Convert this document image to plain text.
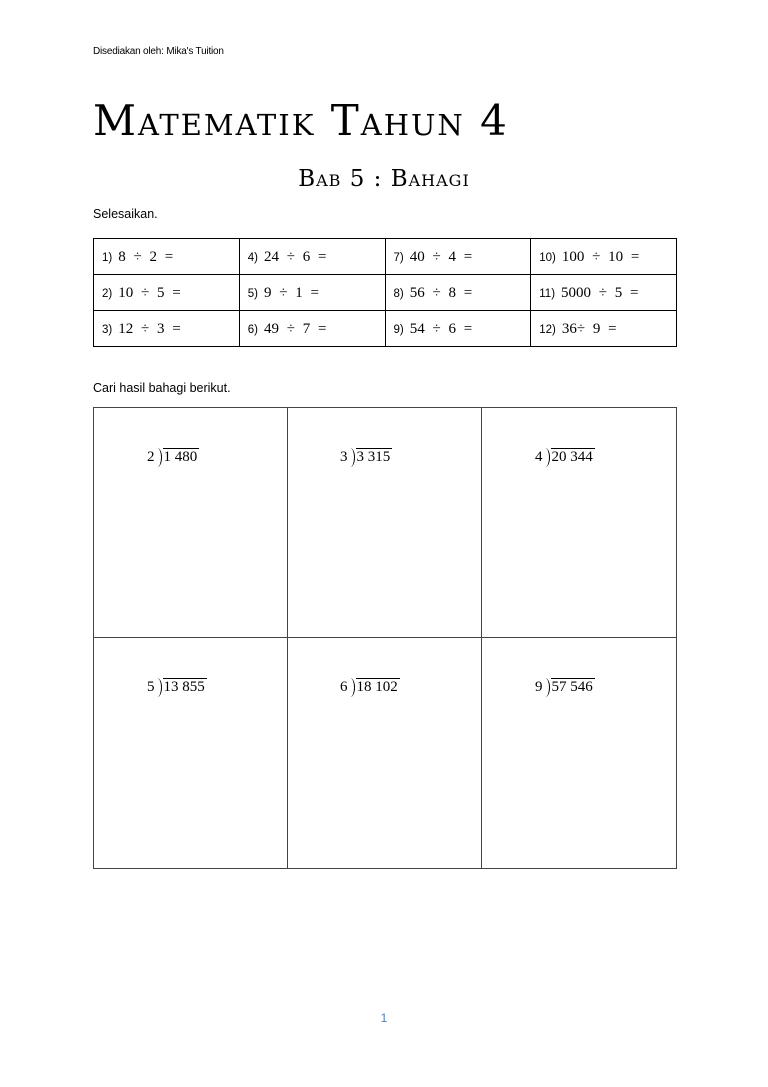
Disediakan oleh: Mika's Tuition
Matematik Tahun 4
Bab 5 : Bahagi
Selesaikan.
1) 8 ÷ 2 =	4) 24 ÷ 6 =	7) 40 ÷ 4 =	10) 100 ÷ 10 =
2) 10 ÷ 5 =	5) 9 ÷ 1 =	8) 56 ÷ 8 =	11) 5000 ÷ 5 =
3) 12 ÷ 3 =	6) 49 ÷ 7 =	9) 54 ÷ 6 =	12) 36÷ 9 =
Cari hasil bahagi berikut.
2 1 480	3 3 315	4 20 344
5 13 855	6 18 102	9 57 546
1
